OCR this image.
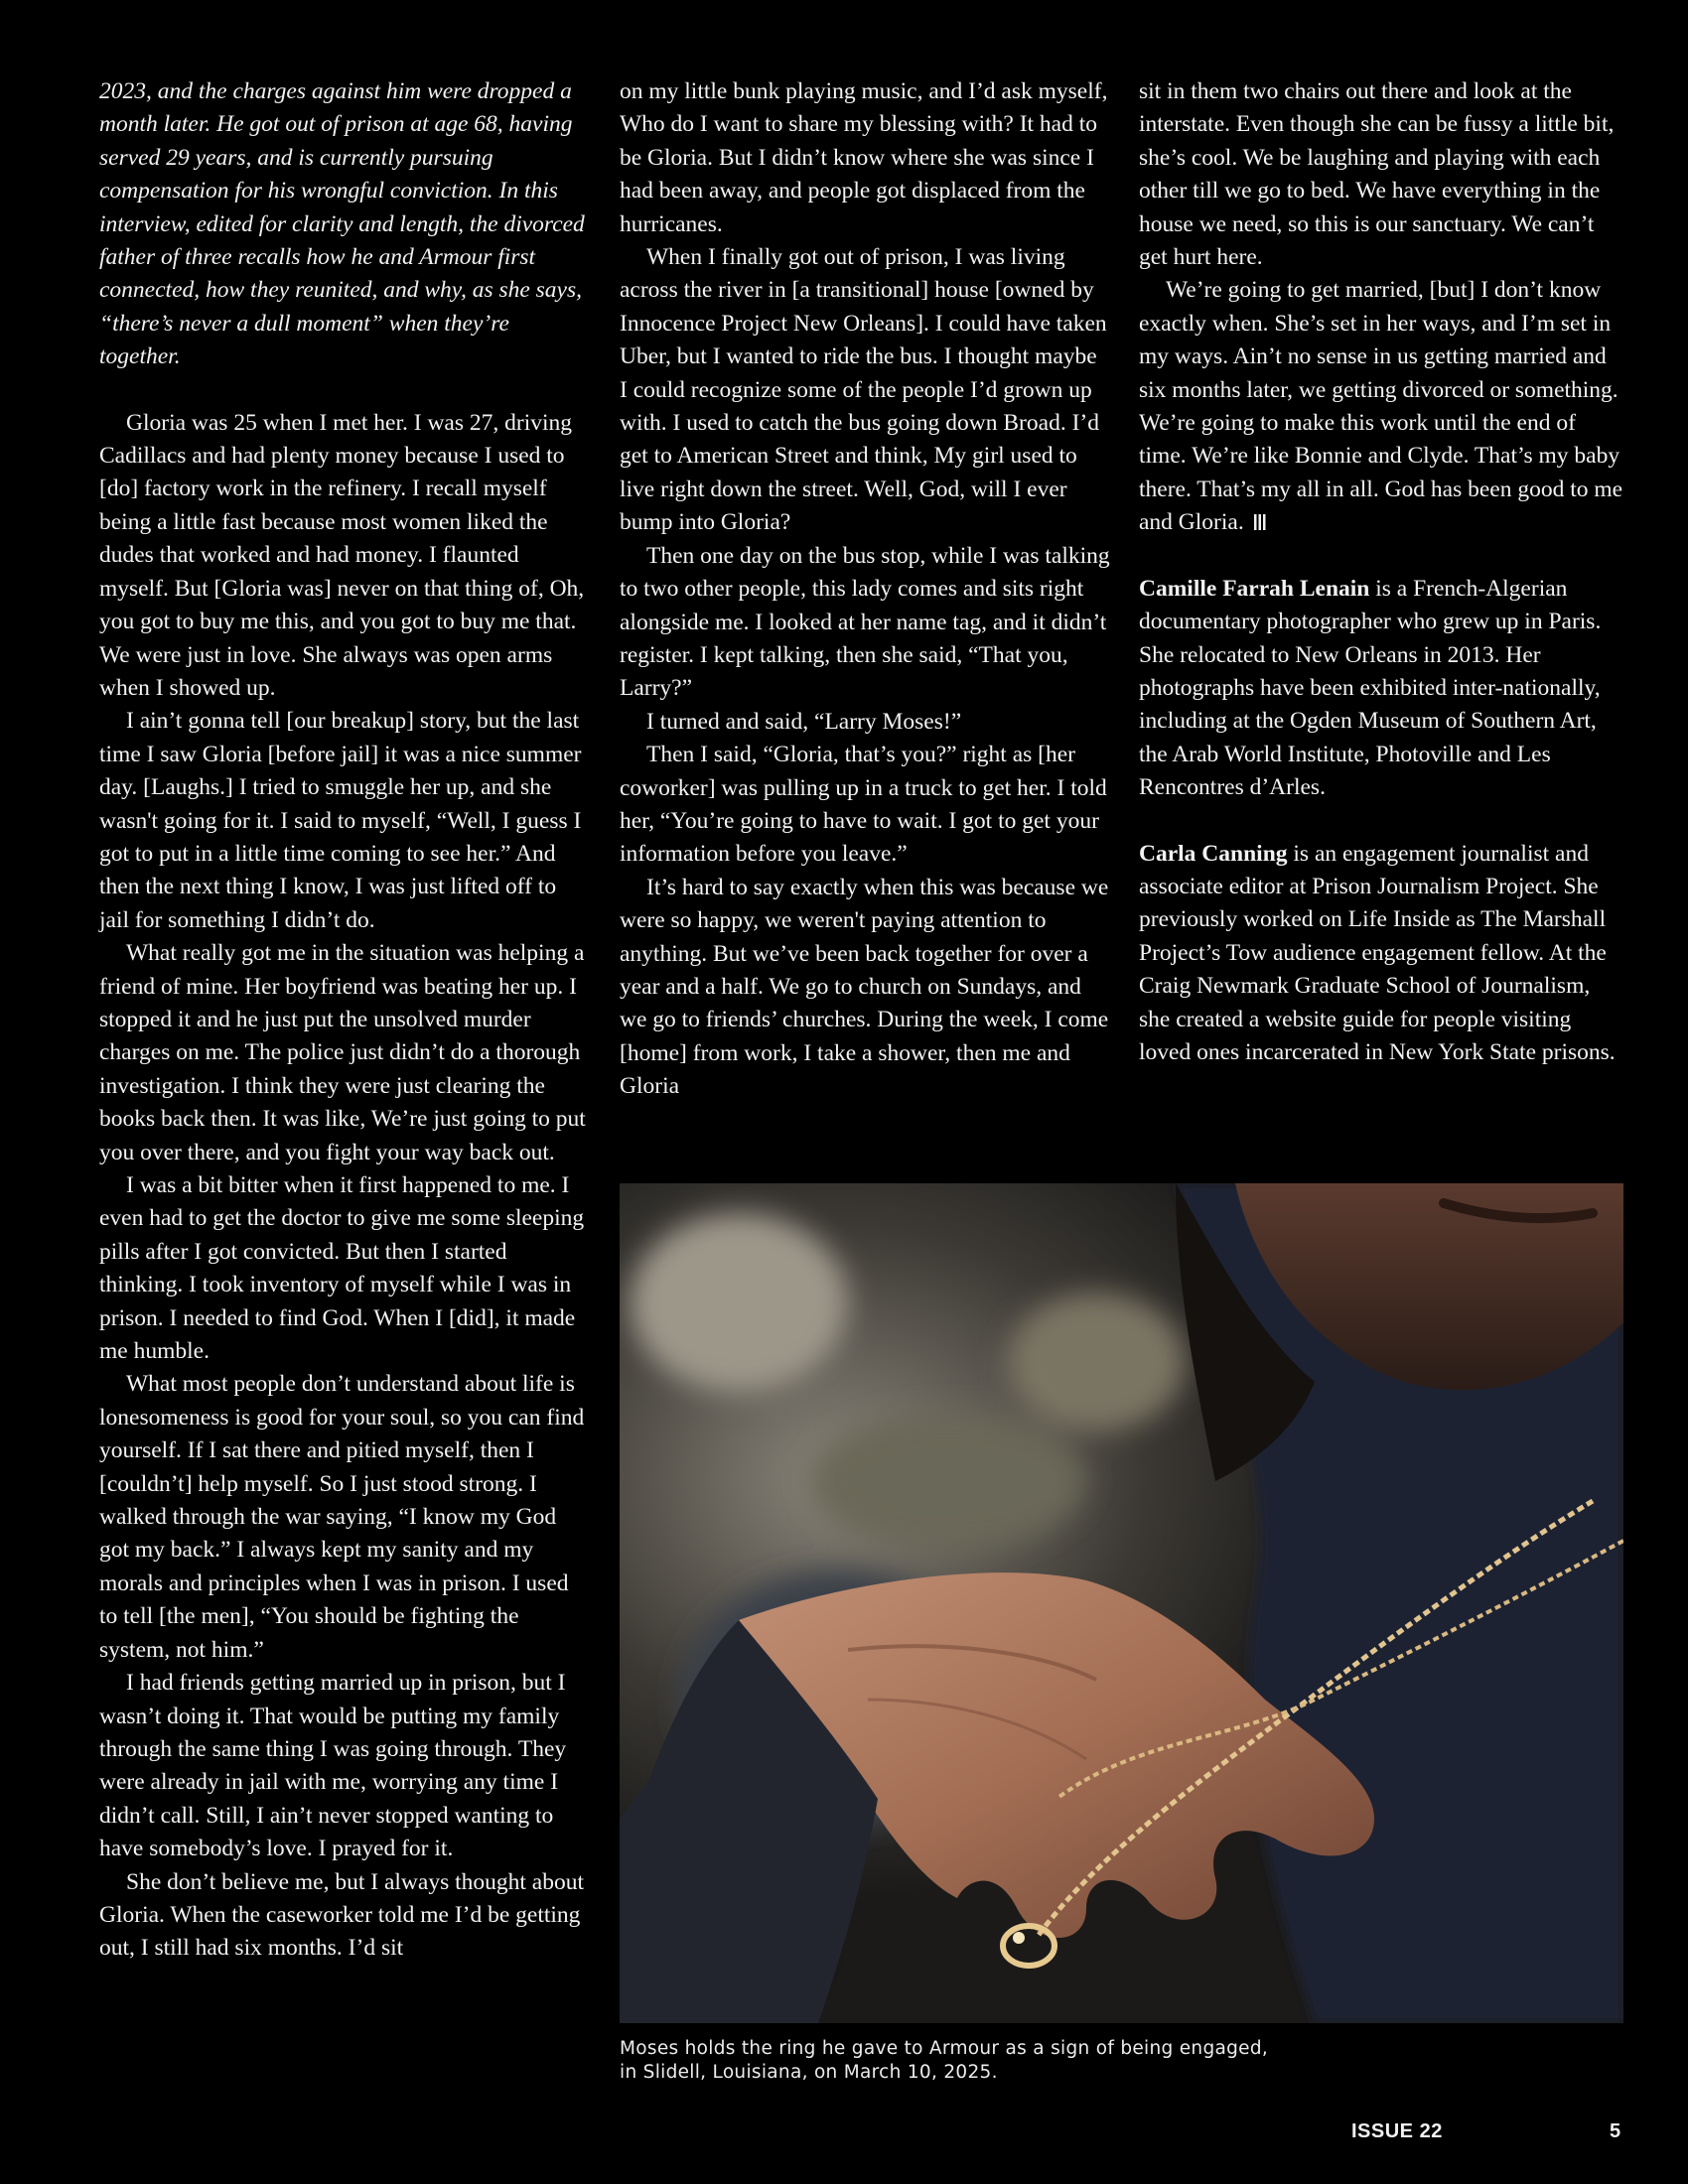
2023, and the charges against him were dropped a month later. He got out of prison at age 68, having served 29 years, and is currently pursuing compensation for his wrongful conviction. In this interview, edited for clarity and length, the divorced father of three recalls how he and Armour first connected, how they reunited, and why, as she says, “there’s never a dull moment” when they’re together.

Gloria was 25 when I met her. I was 27, driving Cadillacs and had plenty money because I used to [do] factory work in the refinery. I recall myself being a little fast because most women liked the dudes that worked and had money. I flaunted myself. But [Gloria was] never on that thing of, Oh, you got to buy me this, and you got to buy me that. We were just in love. She always was open arms when I showed up.

I ain’t gonna tell [our breakup] story, but the last time I saw Gloria [before jail] it was a nice summer day. [Laughs.] I tried to smuggle her up, and she wasn't going for it. I said to myself, “Well, I guess I got to put in a little time coming to see her.” And then the next thing I know, I was just lifted off to jail for something I didn’t do.

What really got me in the situation was helping a friend of mine. Her boyfriend was beating her up. I stopped it and he just put the unsolved murder charges on me. The police just didn’t do a thorough investigation. I think they were just clearing the books back then. It was like, We’re just going to put you over there, and you fight your way back out.

I was a bit bitter when it first happened to me. I even had to get the doctor to give me some sleeping pills after I got convicted. But then I started thinking. I took inventory of myself while I was in prison. I needed to find God. When I [did], it made me humble.

What most people don’t understand about life is lonesomeness is good for your soul, so you can find yourself. If I sat there and pitied myself, then I [couldn’t] help myself. So I just stood strong. I walked through the war saying, “I know my God got my back.” I always kept my sanity and my morals and principles when I was in prison. I used to tell [the men], “You should be fighting the system, not him.”

I had friends getting married up in prison, but I wasn’t doing it. That would be putting my family through the same thing I was going through. They were already in jail with me, worrying any time I didn’t call. Still, I ain’t never stopped wanting to have somebody’s love. I prayed for it.

She don’t believe me, but I always thought about Gloria. When the caseworker told me I’d be getting out, I still had six months. I’d sit

on my little bunk playing music, and I’d ask myself, Who do I want to share my blessing with? It had to be Gloria. But I didn’t know where she was since I had been away, and people got displaced from the hurricanes.

When I finally got out of prison, I was living across the river in [a transitional] house [owned by Innocence Project New Orleans]. I could have taken Uber, but I wanted to ride the bus. I thought maybe I could recognize some of the people I’d grown up with. I used to catch the bus going down Broad. I’d get to American Street and think, My girl used to live right down the street. Well, God, will I ever bump into Gloria?

Then one day on the bus stop, while I was talking to two other people, this lady comes and sits right alongside me. I looked at her name tag, and it didn’t register. I kept talking, then she said, “That you, Larry?”

I turned and said, “Larry Moses!”

Then I said, “Gloria, that’s you?” right as [her coworker] was pulling up in a truck to get her. I told her, “You’re going to have to wait. I got to get your information before you leave.”

It’s hard to say exactly when this was because we were so happy, we weren't paying attention to anything. But we’ve been back together for over a year and a half. We go to church on Sundays, and we go to friends’ churches. During the week, I come [home] from work, I take a shower, then me and Gloria

sit in them two chairs out there and look at the interstate. Even though she can be fussy a little bit, she’s cool. We be laughing and playing with each other till we go to bed. We have everything in the house we need, so this is our sanctuary. We can’t get hurt here.

We’re going to get married, [but] I don’t know exactly when. She’s set in her ways, and I’m set in my ways. Ain’t no sense in us getting married and six months later, we getting divorced or something. We’re going to make this work until the end of time. We’re like Bonnie and Clyde. That’s my baby there. That’s my all in all. God has been good to me and Gloria.

Camille Farrah Lenain is a French-Algerian documentary photographer who grew up in Paris. She relocated to New Orleans in 2013. Her photographs have been exhibited inter-nationally, including at the Ogden Museum of Southern Art, the Arab World Institute, Photoville and Les Rencontres d’Arles.

Carla Canning is an engagement journalist and associate editor at Prison Journalism Project. She previously worked on Life Inside as The Marshall Project’s Tow audience engagement fellow. At the Craig Newmark Graduate School of Journalism, she created a website guide for people visiting loved ones incarcerated in New York State prisons.

Moses holds the ring he gave to Armour as a sign of being engaged,
in Slidell, Louisiana, on March 10, 2025.
ISSUE 22	5
